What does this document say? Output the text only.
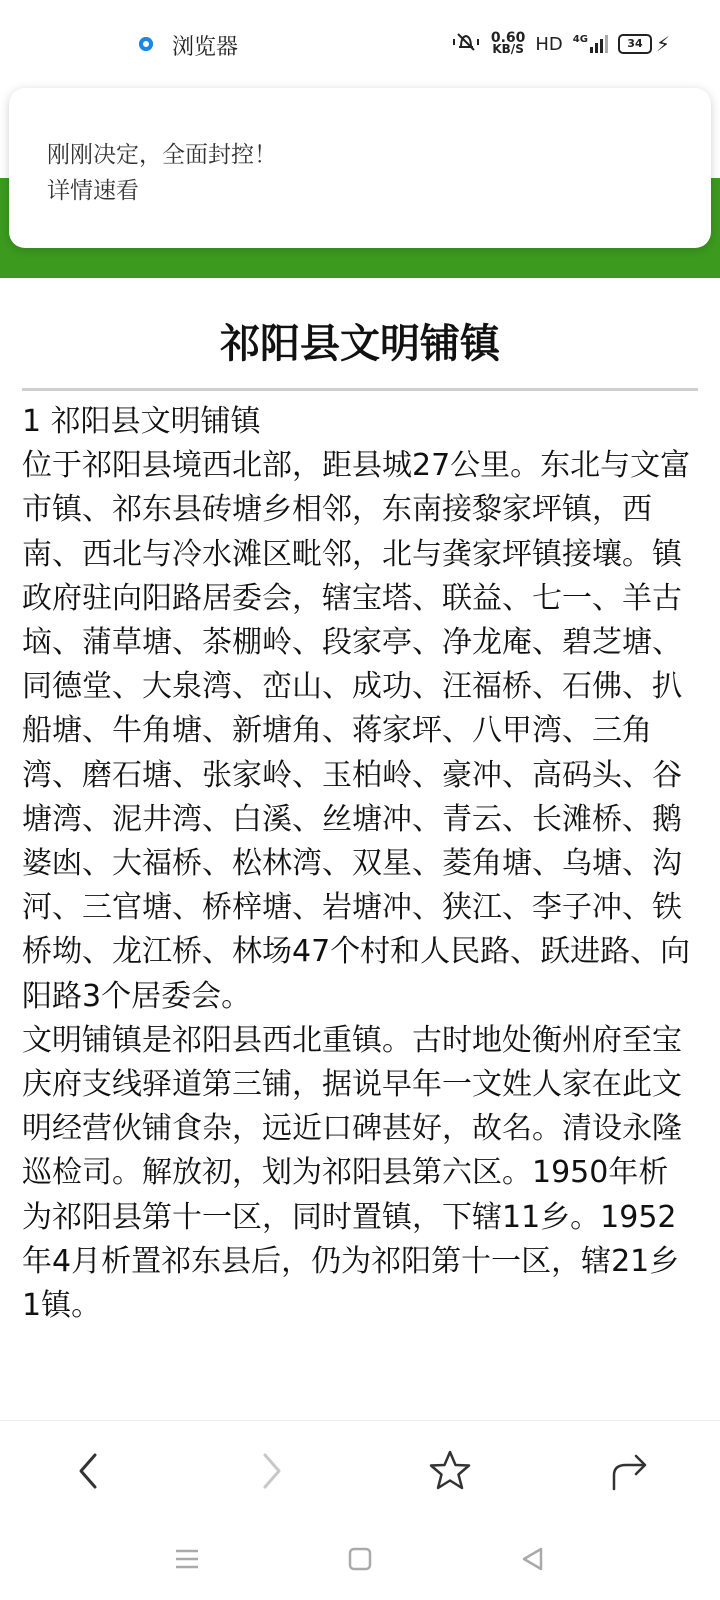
浏览器	0.60
KB/S HD 4G	34 ⚡
刚刚决定，全面封控！
详情速看
祁阳县文明铺镇

1 祁阳县文明铺镇

位于祁阳县境西北部，距县城27公里。东北与文富市镇、祁东县砖塘乡相邻，东南接黎家坪镇，西南、西北与冷水滩区毗邻，北与龚家坪镇接壤。镇政府驻向阳路居委会，辖宝塔、联益、七一、羊古垴、蒲草塘、茶棚岭、段家亭、净龙庵、碧芝塘、同德堂、大泉湾、峦山、成功、汪福桥、石佛、扒船塘、牛角塘、新塘角、蒋家坪、八甲湾、三角湾、磨石塘、张家岭、玉柏岭、豪冲、高码头、谷塘湾、泥井湾、白溪、丝塘冲、青云、长滩桥、鹅婆凼、大福桥、松林湾、双星、菱角塘、乌塘、沟河、三官塘、桥梓塘、岩塘冲、狭江、李子冲、铁桥坳、龙江桥、林场47个村和人民路、跃进路、向阳路3个居委会。

文明铺镇是祁阳县西北重镇。古时地处衡州府至宝庆府支线驿道第三铺，据说早年一文姓人家在此文明经营伙铺食杂，远近口碑甚好，故名。清设永隆巡检司。解放初，划为祁阳县第六区。1950年析为祁阳县第十一区，同时置镇，下辖11乡。1952年4月析置祁东县后，仍为祁阳第十一区，辖21乡1镇。
